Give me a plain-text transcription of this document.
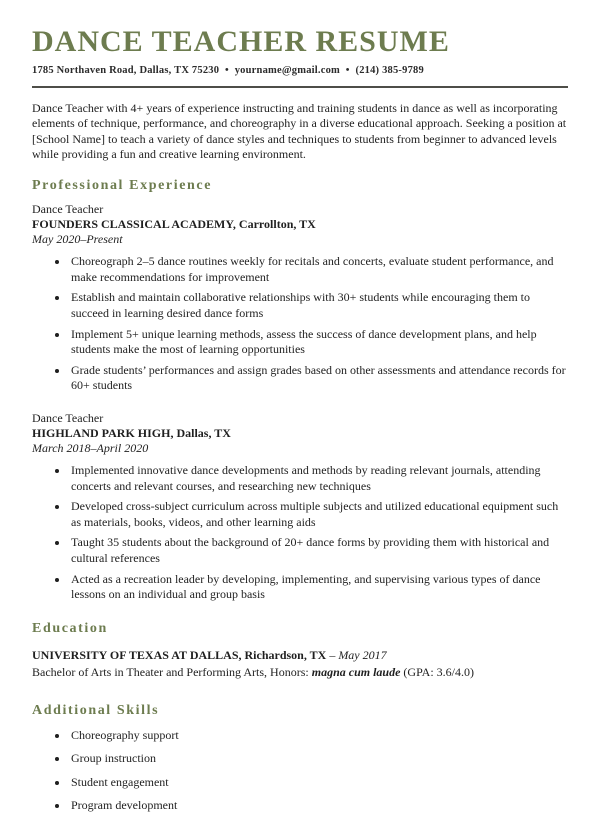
DANCE TEACHER RESUME
1785 Northaven Road, Dallas, TX 75230 • yourname@gmail.com • (214) 385-9789

Dance Teacher with 4+ years of experience instructing and training students in dance as well as incorporating elements of technique, performance, and choreography in a diverse educational approach. Seeking a position at [School Name] to teach a variety of dance styles and techniques to students from beginner to advanced levels while providing a fun and creative learning environment.

Professional Experience
Dance Teacher
FOUNDERS CLASSICAL ACADEMY, Carrollton, TX
May 2020–Present
• Choreograph 2–5 dance routines weekly for recitals and concerts, evaluate student performance, and make recommendations for improvement
• Establish and maintain collaborative relationships with 30+ students while encouraging them to succeed in learning desired dance forms
• Implement 5+ unique learning methods, assess the success of dance development plans, and help students make the most of learning opportunities
• Grade students’ performances and assign grades based on other assessments and attendance records for 60+ students
Dance Teacher
HIGHLAND PARK HIGH, Dallas, TX
March 2018–April 2020
• Implemented innovative dance developments and methods by reading relevant journals, attending concerts and relevant courses, and researching new techniques
• Developed cross-subject curriculum across multiple subjects and utilized educational equipment such as materials, books, videos, and other learning aids
• Taught 35 students about the background of 20+ dance forms by providing them with historical and cultural references
• Acted as a recreation leader by developing, implementing, and supervising various types of dance lessons on an individual and group basis
Education
UNIVERSITY OF TEXAS AT DALLAS, Richardson, TX – May 2017
Bachelor of Arts in Theater and Performing Arts, Honors: magna cum laude (GPA: 3.6/4.0)
Additional Skills
• Choreography support
• Group instruction
• Student engagement
• Program development
